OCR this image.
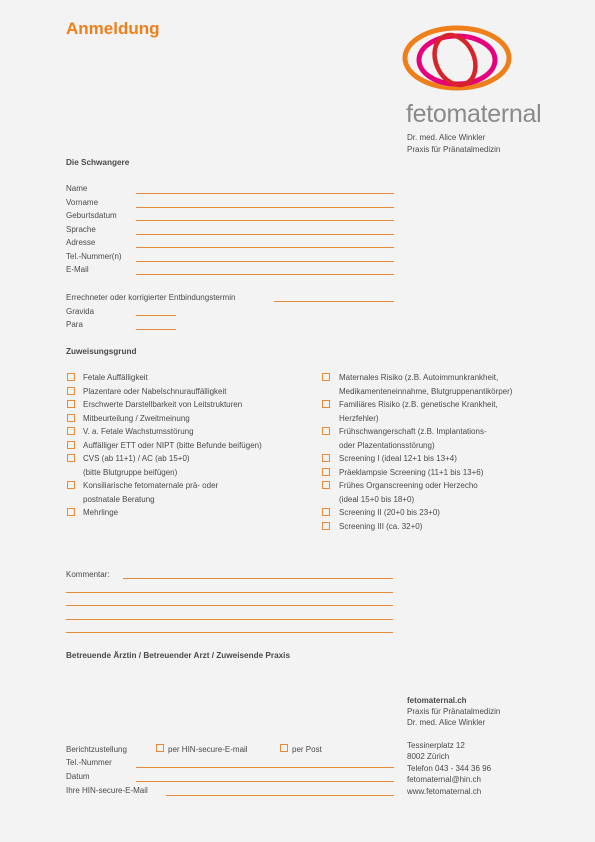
Anmeldung
fetomaternal
Dr. med. Alice Winkler
Praxis für Pränatalmedizin
Die Schwangere
Name
Vorname
Geburtsdatum
Sprache
Adresse
Tel.-Nummer(n)
E-Mail
Errechneter oder korrigierter Entbindungstermin
Gravida
Para
Zuweisungsgrund
Fetale Auffälligkeit
Plazentare oder Nabelschnurauffälligkeit
Erschwerte Darstellbarkeit von Leitstrukturen
Mitbeurteilung / Zweitmeinung
V. a. Fetale Wachstumsstörung
Auffälliger ETT oder NIPT (bitte Befunde beifügen)
CVS (ab 11+1) / AC (ab 15+0)
(bitte Blutgruppe beifügen)
Konsiliarische fetomaternale prä- oder
postnatale Beratung
Mehrlinge
Maternales Risiko (z.B. Autoimmunkrankheit,
Medikamenteneinnahme, Blutgruppenantikörper)
Familiäres Risiko (z.B. genetische Krankheit,
Herzfehler)
Frühschwangerschaft (z.B. Implantations-
oder Plazentationsstörung)
Screening I (ideal 12+1 bis 13+4)
Präeklampsie Screening (11+1 bis 13+6)
Frühes Organscreening oder Herzecho
(ideal 15+0 bis 18+0)
Screening II (20+0 bis 23+0)
Screening III (ca. 32+0)
Kommentar:
Betreuende Ärztin / Betreuender Arzt / Zuweisende Praxis
Berichtzustellung	per HIN-secure-E-mail	per Post
Tel.-Nummer
Datum
Ihre HIN-secure-E-Mail
fetomaternal.ch
Praxis für Pränatalmedizin
Dr. med. Alice Winkler
Tessinerplatz 12
8002 Zürich
Telefon 043 - 344 36 96
fetomaternal@hin.ch
www.fetomaternal.ch
